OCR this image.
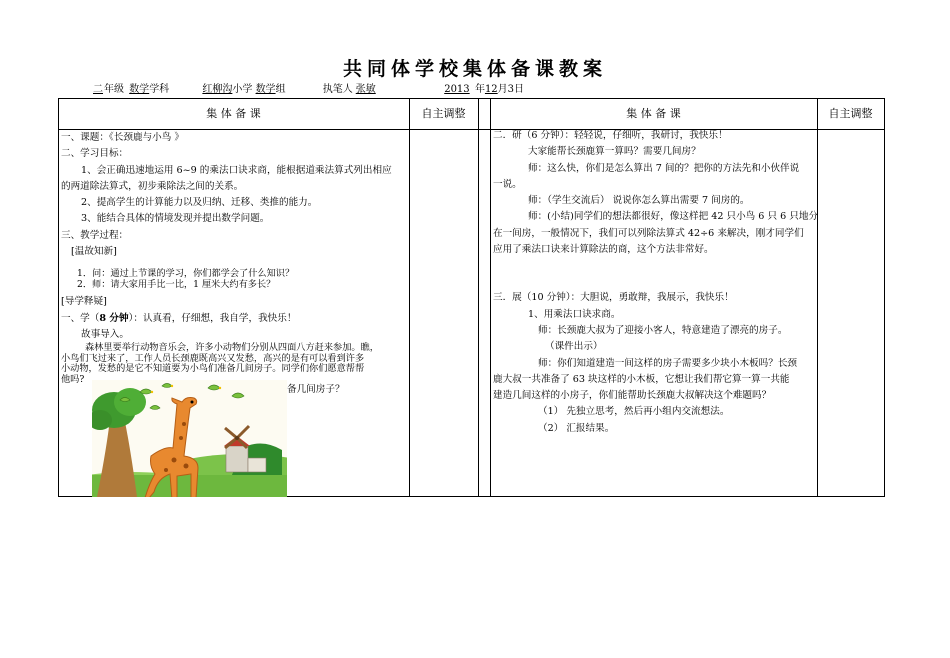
共同体学校集体备课教案
二年级 数学学科	红柳沟小学 数学组	执笔人 张敏	2013 年12月3日
集 体 备 课	自主调整	集 体 备 课	自主调整

一、课题：《长颈鹿与小鸟 》

二、学习目标：

1、会正确迅速地运用 6~9 的乘法口诀求商，能根据道乘法算式列出相应

的两道除法算式，初步乘除法之间的关系。

2、提高学生的计算能力以及归纳、迁移、类推的能力。

3、能结合具体的情境发现并提出数学问题。

三、教学过程：

[温故知新]

1．问：通过上节课的学习，你们都学会了什么知识？

2．师：请大家用手比一比，1 厘米大约有多长？

[导学释疑]

一、学（8 分钟）：认真看，仔细想，我自学，我快乐！

故事导入。

森林里要举行动物音乐会，许多小动物们分别从四面八方赶来参加。瞧，

小鸟们飞过来了，工作人员长颈鹿既高兴又发愁，高兴的是有可以看到许多

小动物，发愁的是它不知道要为小鸟们准备几间房子。同学们你们愿意帮帮

他吗?

备几间房子？

二．研（6 分钟）：轻轻说，仔细听，我研讨，我快乐！

大家能帮长颈鹿算一算吗？需要几间房？

师：这么快，你们是怎么算出 7 间的？把你的方法先和小伙伴说

一说。

师：（学生交流后） 说说你怎么算出需要 7 间房的。

师：(小结)同学们的想法都很好，像这样把 42 只小鸟 6 只 6 只地分

在一间房，一般情况下，我们可以列除法算式 42÷6 来解决，刚才同学们

应用了乘法口诀来计算除法的商，这个方法非常好。

三．展（10 分钟）：大胆说，勇敢辩，我展示，我快乐！

1、用乘法口诀求商。

师：长颈鹿大叔为了迎接小客人，特意建造了漂亮的房子。

（课件出示）

师：你们知道建造一间这样的房子需要多少块小木板吗？长颈

鹿大叔一共准备了 63 块这样的小木板，它想让我们帮它算一算一共能

建造几间这样的小房子，你们能帮助长颈鹿大叔解决这个难题吗？

（1） 先独立思考，然后再小组内交流想法。

（2） 汇报结果。
